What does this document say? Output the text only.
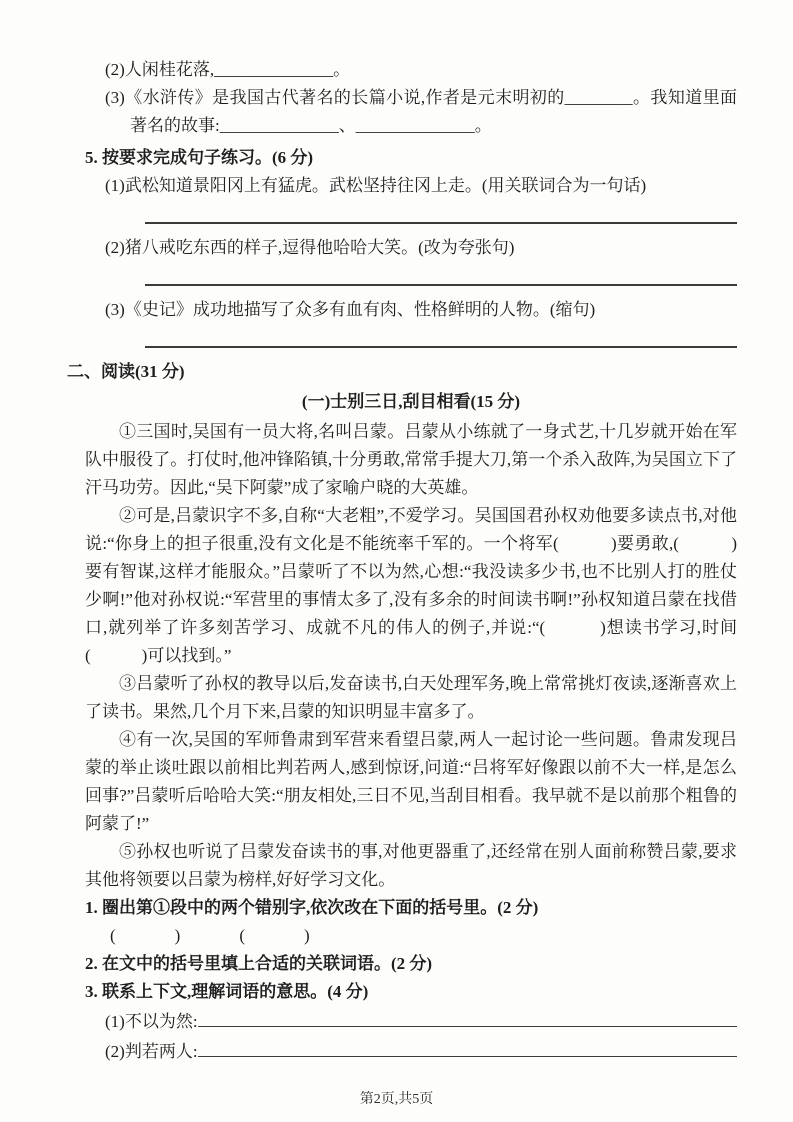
(2)人闲桂花落,______________。
(3)《水浒传》是我国古代著名的长篇小说,作者是元末明初的________。我知道里面著名的故事:______________、______________。
5. 按要求完成句子练习。(6 分)
(1)武松知道景阳冈上有猛虎。武松坚持往冈上走。(用关联词合为一句话)
(2)猪八戒吃东西的样子,逗得他哈哈大笑。(改为夸张句)
(3)《史记》成功地描写了众多有血有肉、性格鲜明的人物。(缩句)
二、阅读(31 分)
(一)士别三日,刮目相看(15 分)
①三国时,吴国有一员大将,名叫吕蒙。吕蒙从小练就了一身式艺,十几岁就开始在军队中服役了。打仗时,他冲锋陷镇,十分勇敢,常常手提大刀,第一个杀入敌阵,为吴国立下了汗马功劳。因此,“吴下阿蒙”成了家喻户晓的大英雄。
②可是,吕蒙识字不多,自称“大老粗”,不爱学习。吴国国君孙权劝他要多读点书,对他说:“你身上的担子很重,没有文化是不能统率千军的。一个将军(　　　)要勇敢,(　　　)要有智谋,这样才能服众。”吕蒙听了不以为然,心想:“我没读多少书,也不比别人打的胜仗少啊!”他对孙权说:“军营里的事情太多了,没有多余的时间读书啊!”孙权知道吕蒙在找借口,就列举了许多刻苦学习、成就不凡的伟人的例子,并说:“(　　　)想读书学习,时间(　　　)可以找到。”
③吕蒙听了孙权的教导以后,发奋读书,白天处理军务,晚上常常挑灯夜读,逐渐喜欢上了读书。果然,几个月下来,吕蒙的知识明显丰富多了。
④有一次,吴国的军师鲁肃到军营来看望吕蒙,两人一起讨论一些问题。鲁肃发现吕蒙的举止谈吐跟以前相比判若两人,感到惊讶,问道:“吕将军好像跟以前不大一样,是怎么回事?”吕蒙听后哈哈大笑:“朋友相处,三日不见,当刮目相看。我早就不是以前那个粗鲁的阿蒙了!”
⑤孙权也听说了吕蒙发奋读书的事,对他更器重了,还经常在别人面前称赞吕蒙,要求其他将领要以吕蒙为榜样,好好学习文化。
1. 圈出第①段中的两个错别字,依次改在下面的括号里。(2 分)
(　　　)　　　(　　　)
2. 在文中的括号里填上合适的关联词语。(2 分)
3. 联系上下文,理解词语的意思。(4 分)
(1)不以为然:
(2)判若两人:
第2页,共5页
